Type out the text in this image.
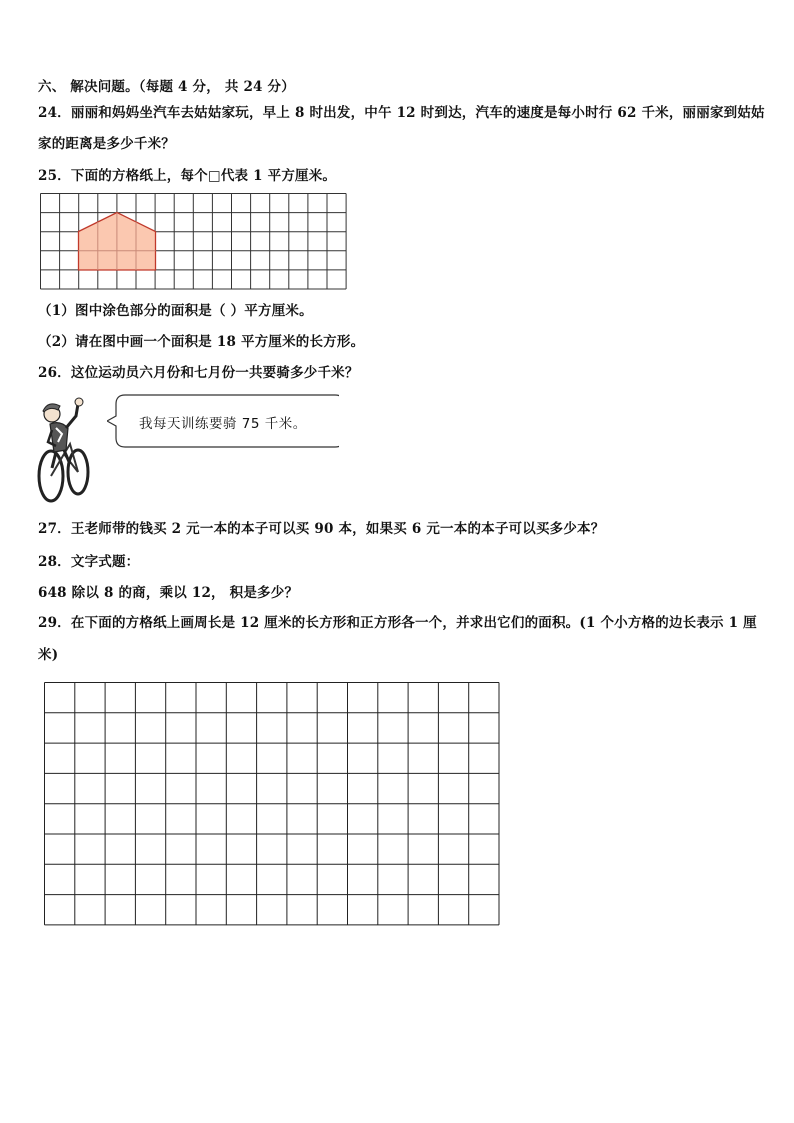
六、 解决问题。（每题 4 分， 共 24 分）
24．丽丽和妈妈坐汽车去姑姑家玩，早上 8 时出发，中午 12 时到达，汽车的速度是每小时行 62 千米，丽丽家到姑姑
家的距离是多少千米？
25．下面的方格纸上，每个□代表 1 平方厘米。
（1）图中涂色部分的面积是（ ）平方厘米。
（2）请在图中画一个面积是 18 平方厘米的长方形。
26．这位运动员六月份和七月份一共要骑多少千米？
我每天训练要骑 75 千米。
27．王老师带的钱买 2 元一本的本子可以买 90 本，如果买 6 元一本的本子可以买多少本？
28．文字式题：
648 除以 8 的商，乘以 12， 积是多少？
29．在下面的方格纸上画周长是 12 厘米的长方形和正方形各一个，并求出它们的面积。(1 个小方格的边长表示 1 厘
米)
